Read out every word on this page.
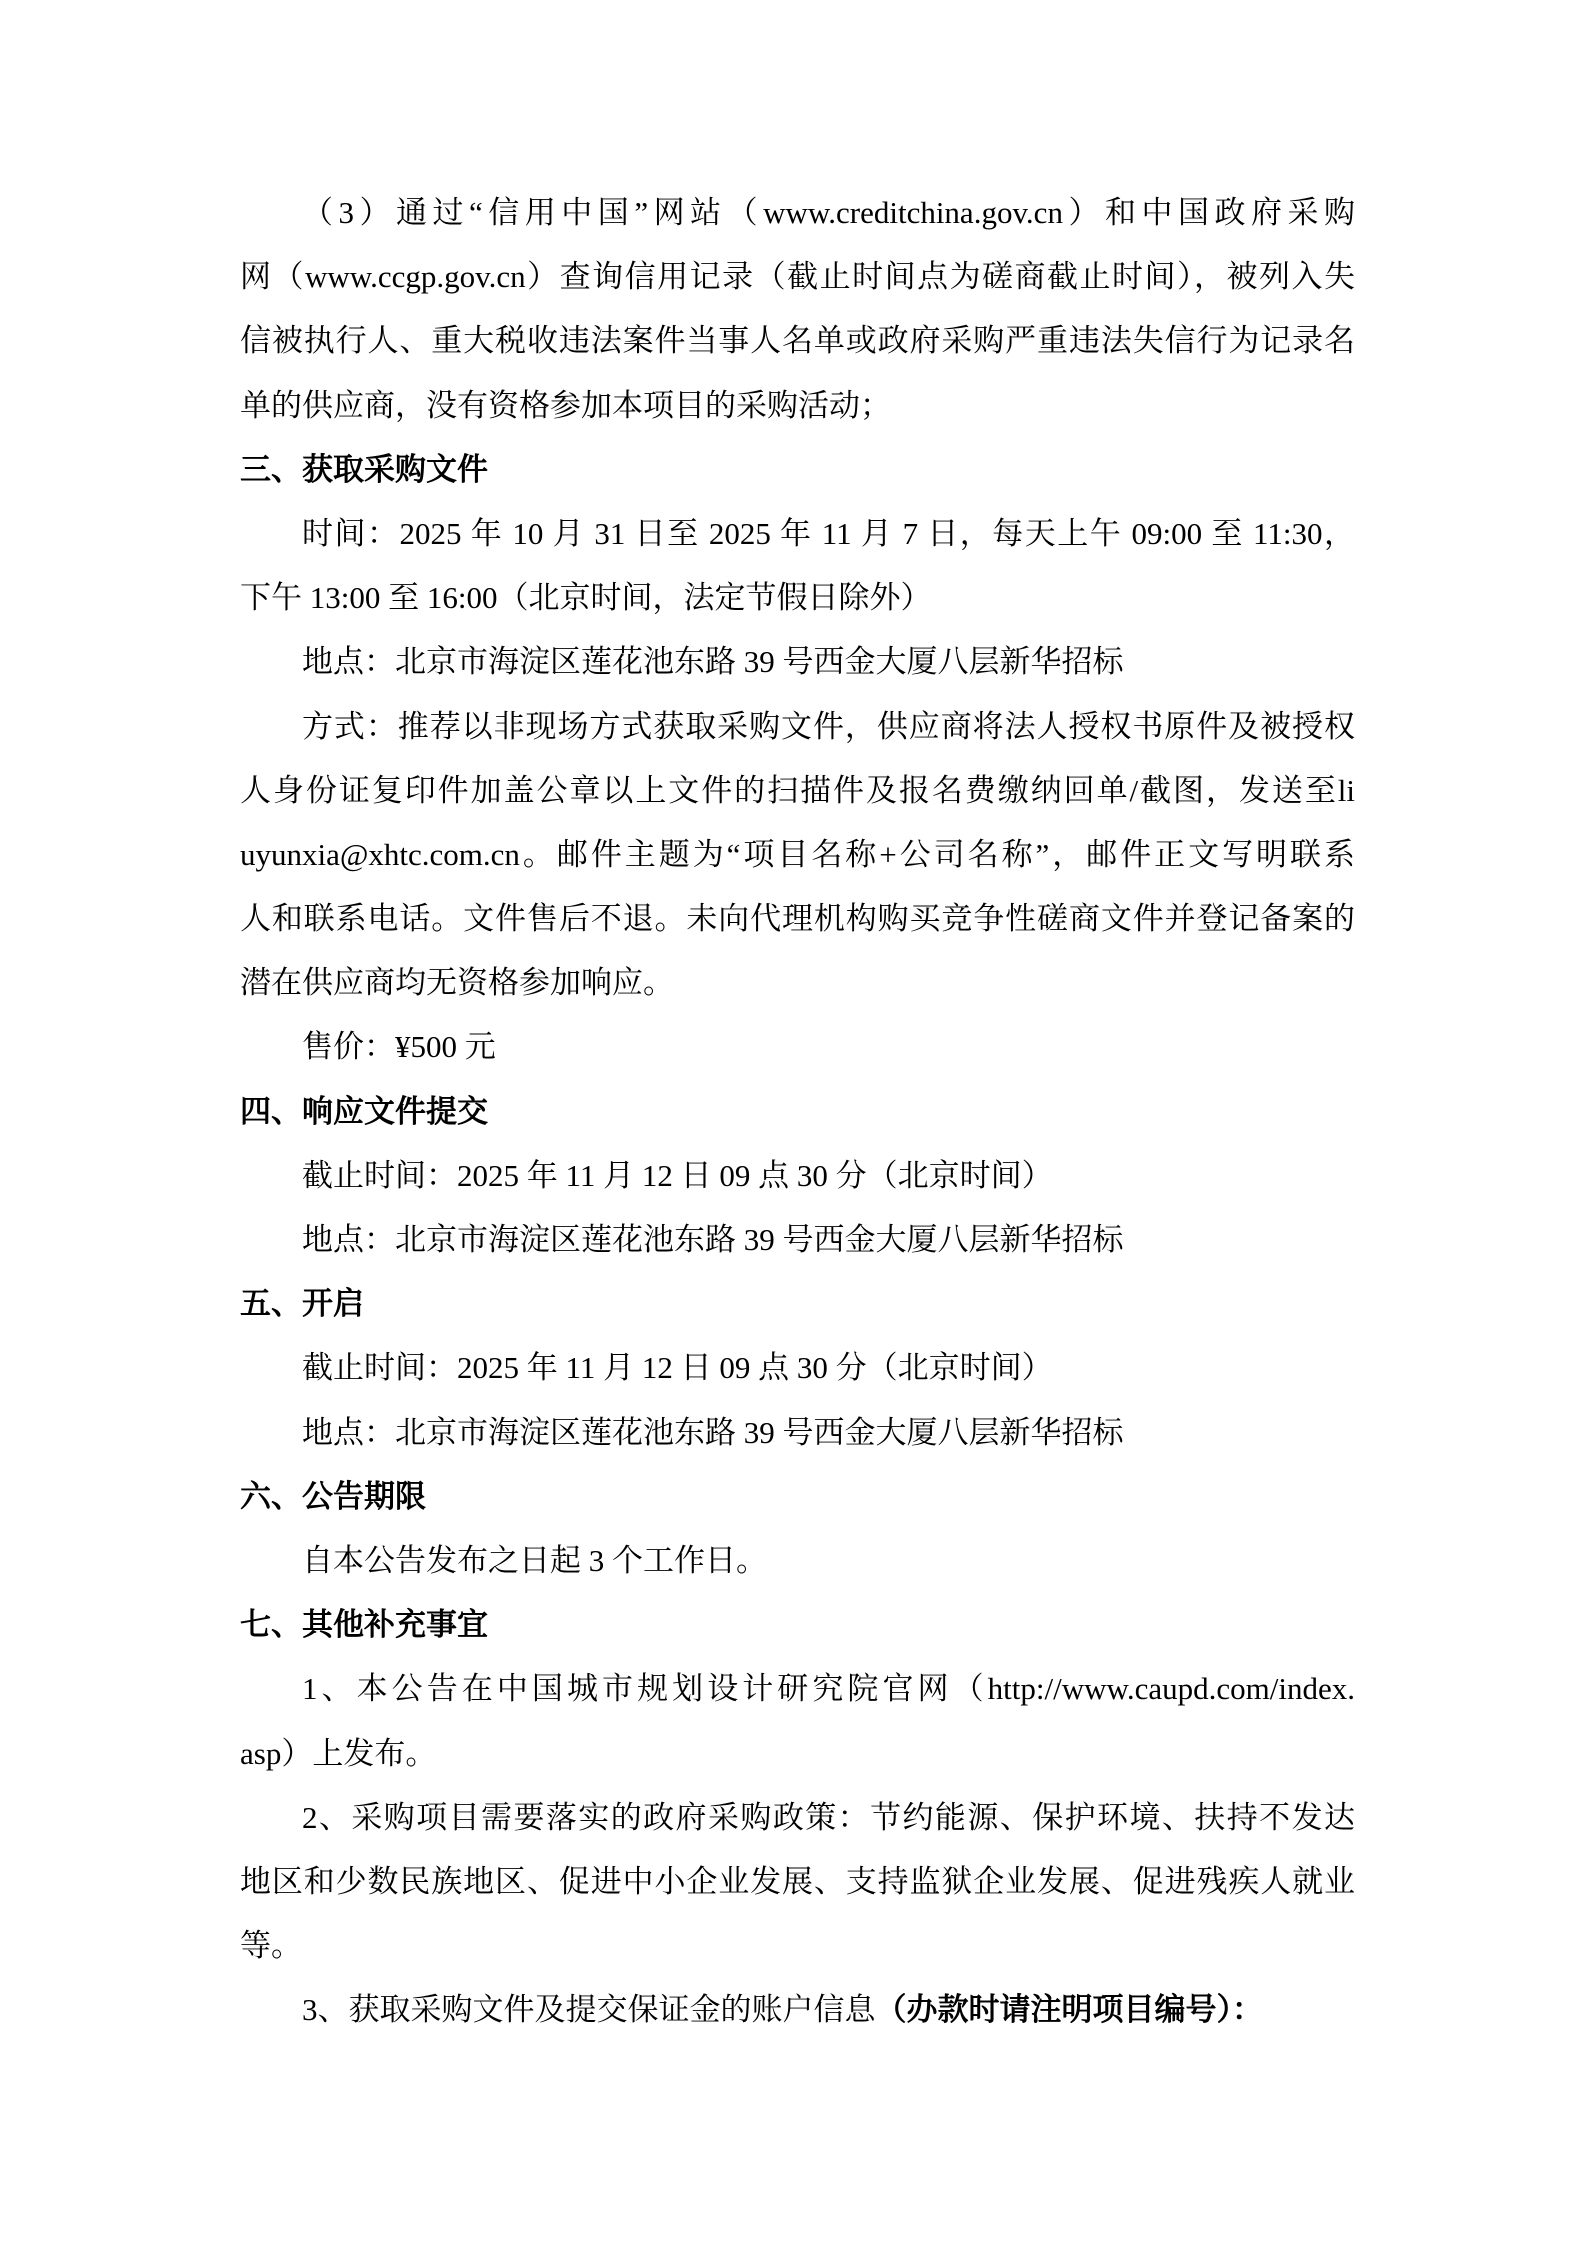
（3）通过“信用中国”网站（www.creditchina.gov.cn）和中国政府采购
网（www.ccgp.gov.cn）查询信用记录（截止时间点为磋商截止时间），被列入失
信被执行人、重大税收违法案件当事人名单或政府采购严重违法失信行为记录名
单的供应商，没有资格参加本项目的采购活动；
三、获取采购文件
时间：2025 年 10 月 31 日至 2025 年 11 月 7 日，每天上午 09:00 至 11:30，
下午 13:00 至 16:00（北京时间，法定节假日除外）
地点：北京市海淀区莲花池东路 39 号西金大厦八层新华招标
方式：推荐以非现场方式获取采购文件，供应商将法人授权书原件及被授权
人身份证复印件加盖公章以上文件的扫描件及报名费缴纳回单/截图，发送至li
uyunxia@xhtc.com.cn。邮件主题为“项目名称+公司名称”，邮件正文写明联系
人和联系电话。文件售后不退。未向代理机构购买竞争性磋商文件并登记备案的
潜在供应商均无资格参加响应。
售价：¥500 元
四、响应文件提交
截止时间：2025 年 11 月 12 日 09 点 30 分（北京时间）
地点：北京市海淀区莲花池东路 39 号西金大厦八层新华招标
五、开启
截止时间：2025 年 11 月 12 日 09 点 30 分（北京时间）
地点：北京市海淀区莲花池东路 39 号西金大厦八层新华招标
六、公告期限
自本公告发布之日起 3 个工作日。
七、其他补充事宜
1、本公告在中国城市规划设计研究院官网（http://www.caupd.com/index.
asp）上发布。
2、采购项目需要落实的政府采购政策：节约能源、保护环境、扶持不发达
地区和少数民族地区、促进中小企业发展、支持监狱企业发展、促进残疾人就业
等。
3、获取采购文件及提交保证金的账户信息（办款时请注明项目编号）：
